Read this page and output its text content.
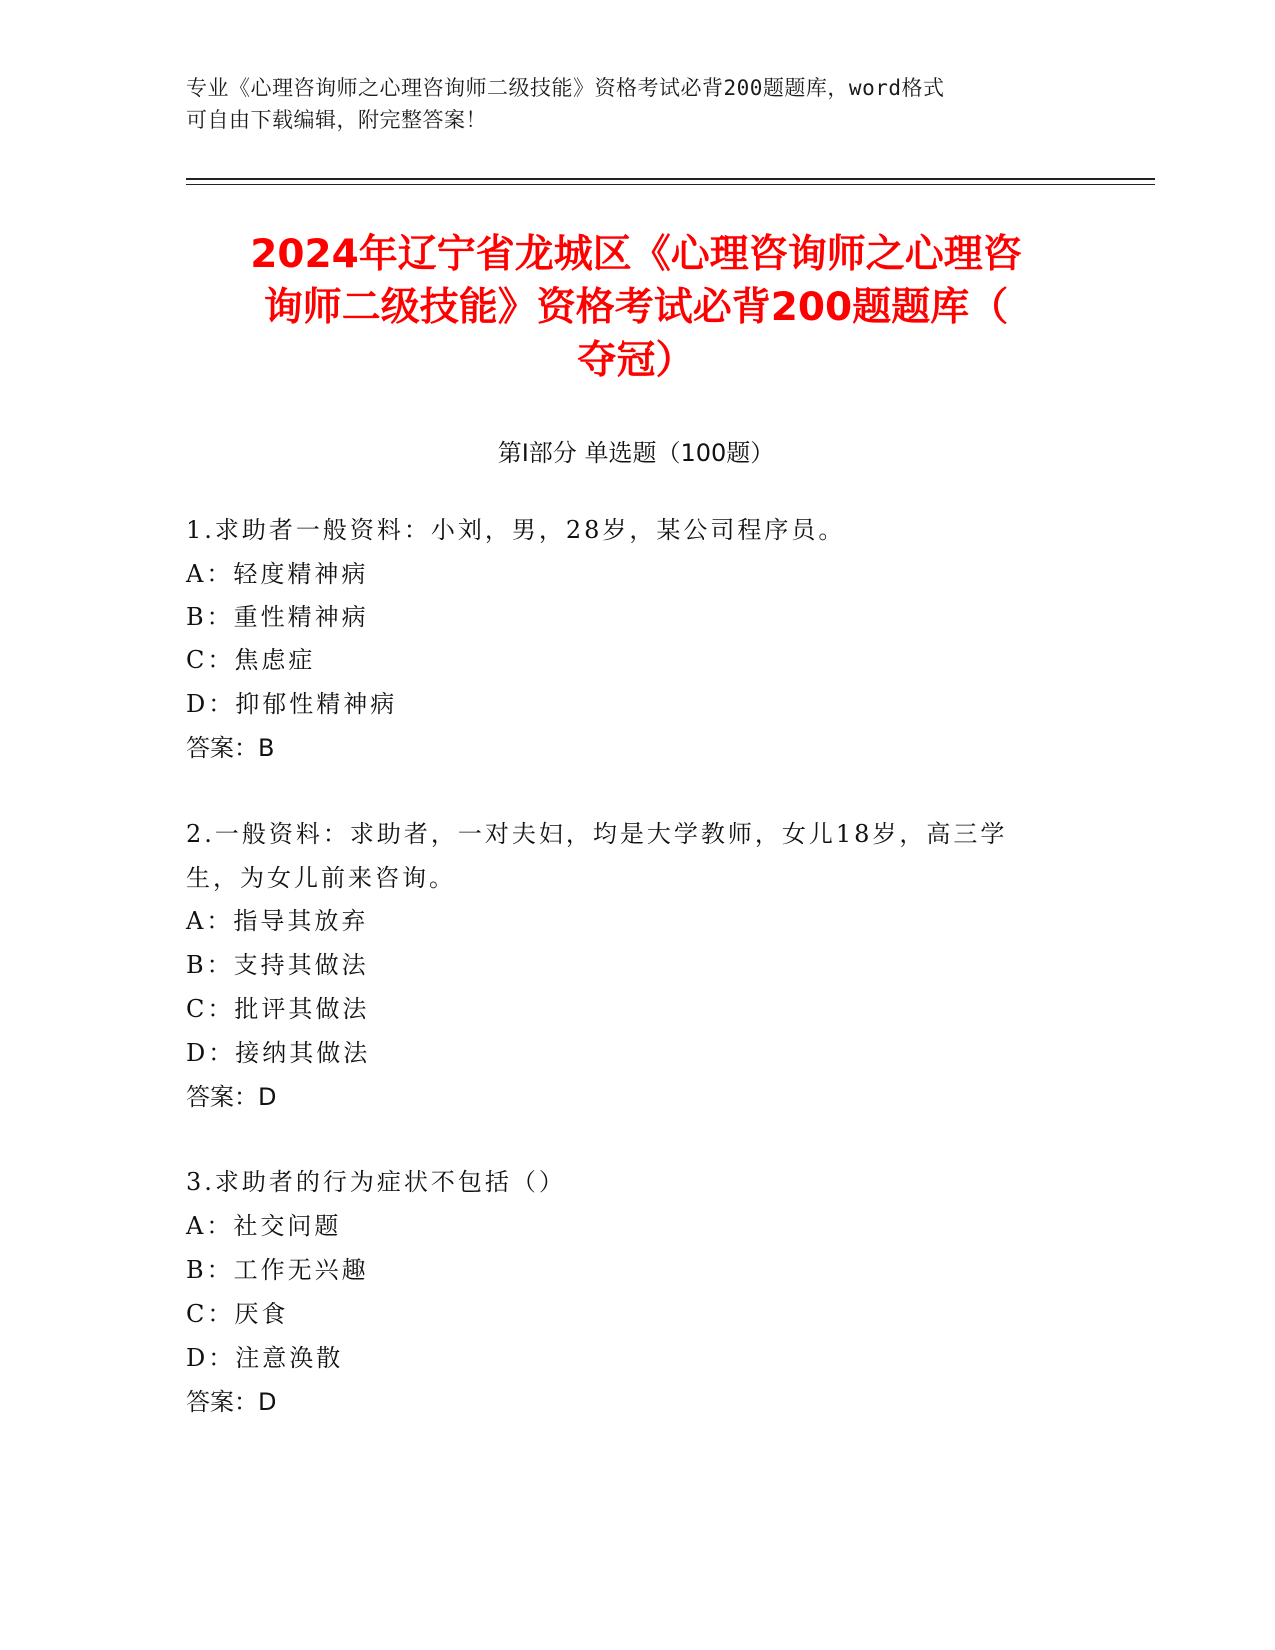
专业《心理咨询师之心理咨询师二级技能》资格考试必背200题题库，word格式
可自由下载编辑，附完整答案！
2024年辽宁省龙城区《心理咨询师之心理咨
询师二级技能》资格考试必背200题题库（
夺冠）
第Ⅰ部分 单选题（100题）
1.求助者一般资料：小刘，男，28岁，某公司程序员。
A：轻度精神病
B：重性精神病
C：焦虑症
D：抑郁性精神病
答案：B
2.一般资料：求助者，一对夫妇，均是大学教师，女儿18岁，高三学
生，为女儿前来咨询。
A：指导其放弃
B：支持其做法
C：批评其做法
D：接纳其做法
答案：D
3.求助者的行为症状不包括（）
A：社交问题
B：工作无兴趣
C：厌食
D：注意涣散
答案：D
